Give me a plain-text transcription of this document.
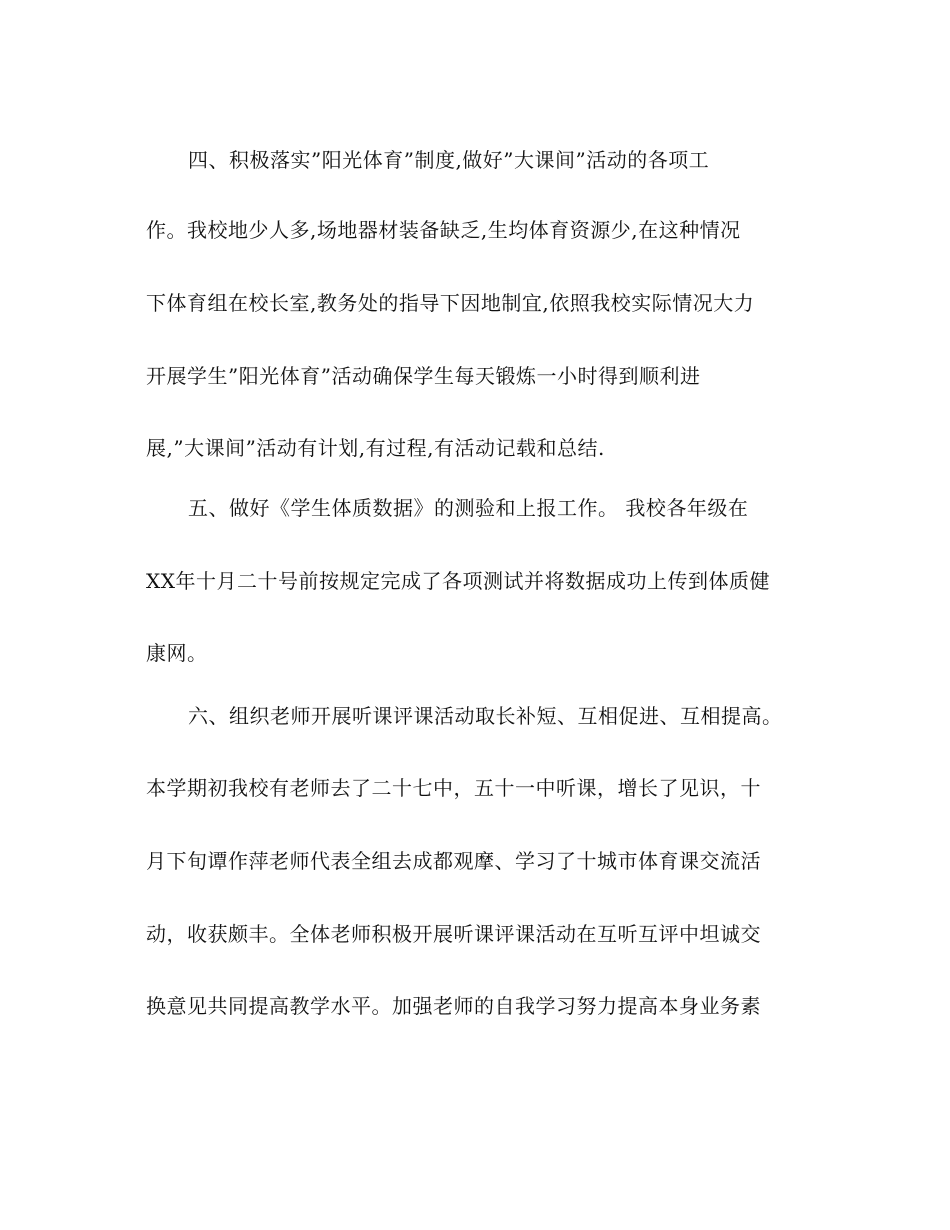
四、积极落实”阳光体育”制度,做好”大课间”活动的各项工
作。我校地少人多,场地器材装备缺乏,生均体育资源少,在这种情况
下体育组在校长室,教务处的指导下因地制宜,依照我校实际情况大力
开展学生”阳光体育”活动确保学生每天锻炼一小时得到顺利进
展,”大课间”活动有计划,有过程,有活动记载和总结.
五、做好《学生体质数据》的测验和上报工作。 我校各年级在
XX年十月二十号前按规定完成了各项测试并将数据成功上传到体质健
康网。
六、组织老师开展听课评课活动取长补短、互相促进、互相提高。
本学期初我校有老师去了二十七中，五十一中听课，增长了见识，十
月下旬谭作萍老师代表全组去成都观摩、学习了十城市体育课交流活
动，收获颇丰。全体老师积极开展听课评课活动在互听互评中坦诚交
换意见共同提高教学水平。加强老师的自我学习努力提高本身业务素
